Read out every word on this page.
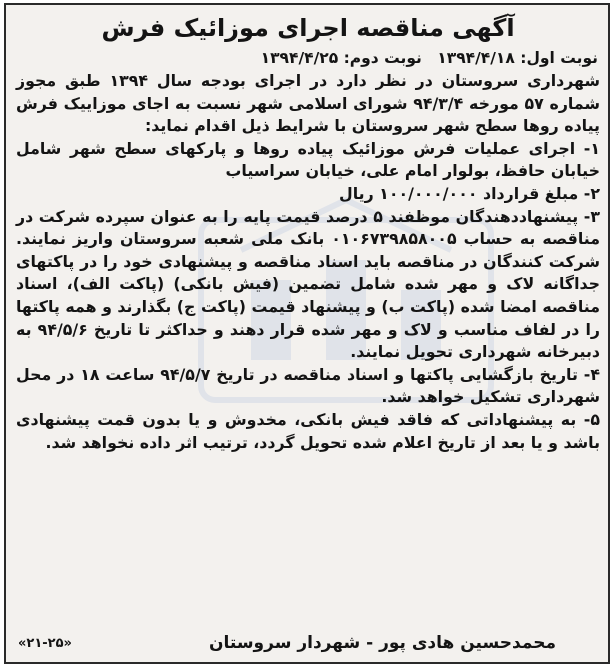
آگهی مناقصه اجرای موزائیک فرش
نوبت اول: ۱۳۹۴/۴/۱۸ نوبت دوم: ۱۳۹۴/۴/۲۵

شهرداری سروستان در نظر دارد در اجرای بودجه سال ۱۳۹۴ طبق مجوز شماره ۵۷ مورخه ۹۴/۳/۴ شورای اسلامی شهر نسبت به اجای موزاییک فرش پیاده روها سطح شهر سروستان با شرایط ذیل اقدام نماید:

۱- اجرای عملیات فرش موزائیک پیاده روها و پارکهای سطح شهر شامل خیابان حافظ، بولوار امام علی، خیابان سراسیاب

۲- مبلغ قرارداد ۱۰۰/۰۰۰/۰۰۰ ریال

۳- پیشنهاددهندگان موظفند ۵ درصد قیمت پایه را به عنوان سپرده شرکت در مناقصه به حساب ۰۱۰۶۷۳۹۸۵۸۰۰۵ بانک ملی شعبه سروستان واریز نمایند. شرکت کنندگان در مناقصه باید اسناد مناقصه و پیشنهادی خود را در پاکتهای جداگانه لاک و مهر شده شامل تضمین (فیش بانکی) (پاکت الف)، اسناد مناقصه امضا شده (پاکت ب) و پیشنهاد قیمت (پاکت ج) بگذارند و همه پاکتها را در لفاف مناسب و لاک و مهر شده قرار دهند و حداکثر تا تاریخ ۹۴/۵/۶ به دبیرخانه شهرداری تحویل نمایند.

۴- تاریخ بازگشایی پاکتها و اسناد مناقصه در تاریخ ۹۴/۵/۷ ساعت ۱۸ در محل شهرداری تشکیل خواهد شد.

۵- به پیشنهاداتی که فاقد فیش بانکی، مخدوش و یا بدون قمت پیشنهادی باشد و یا بعد از تاریخ اعلام شده تحویل گردد، ترتیب اثر داده نخواهد شد.

محمدحسین هادی پور - شهردار سروستان
«۲۱-۲۵»
